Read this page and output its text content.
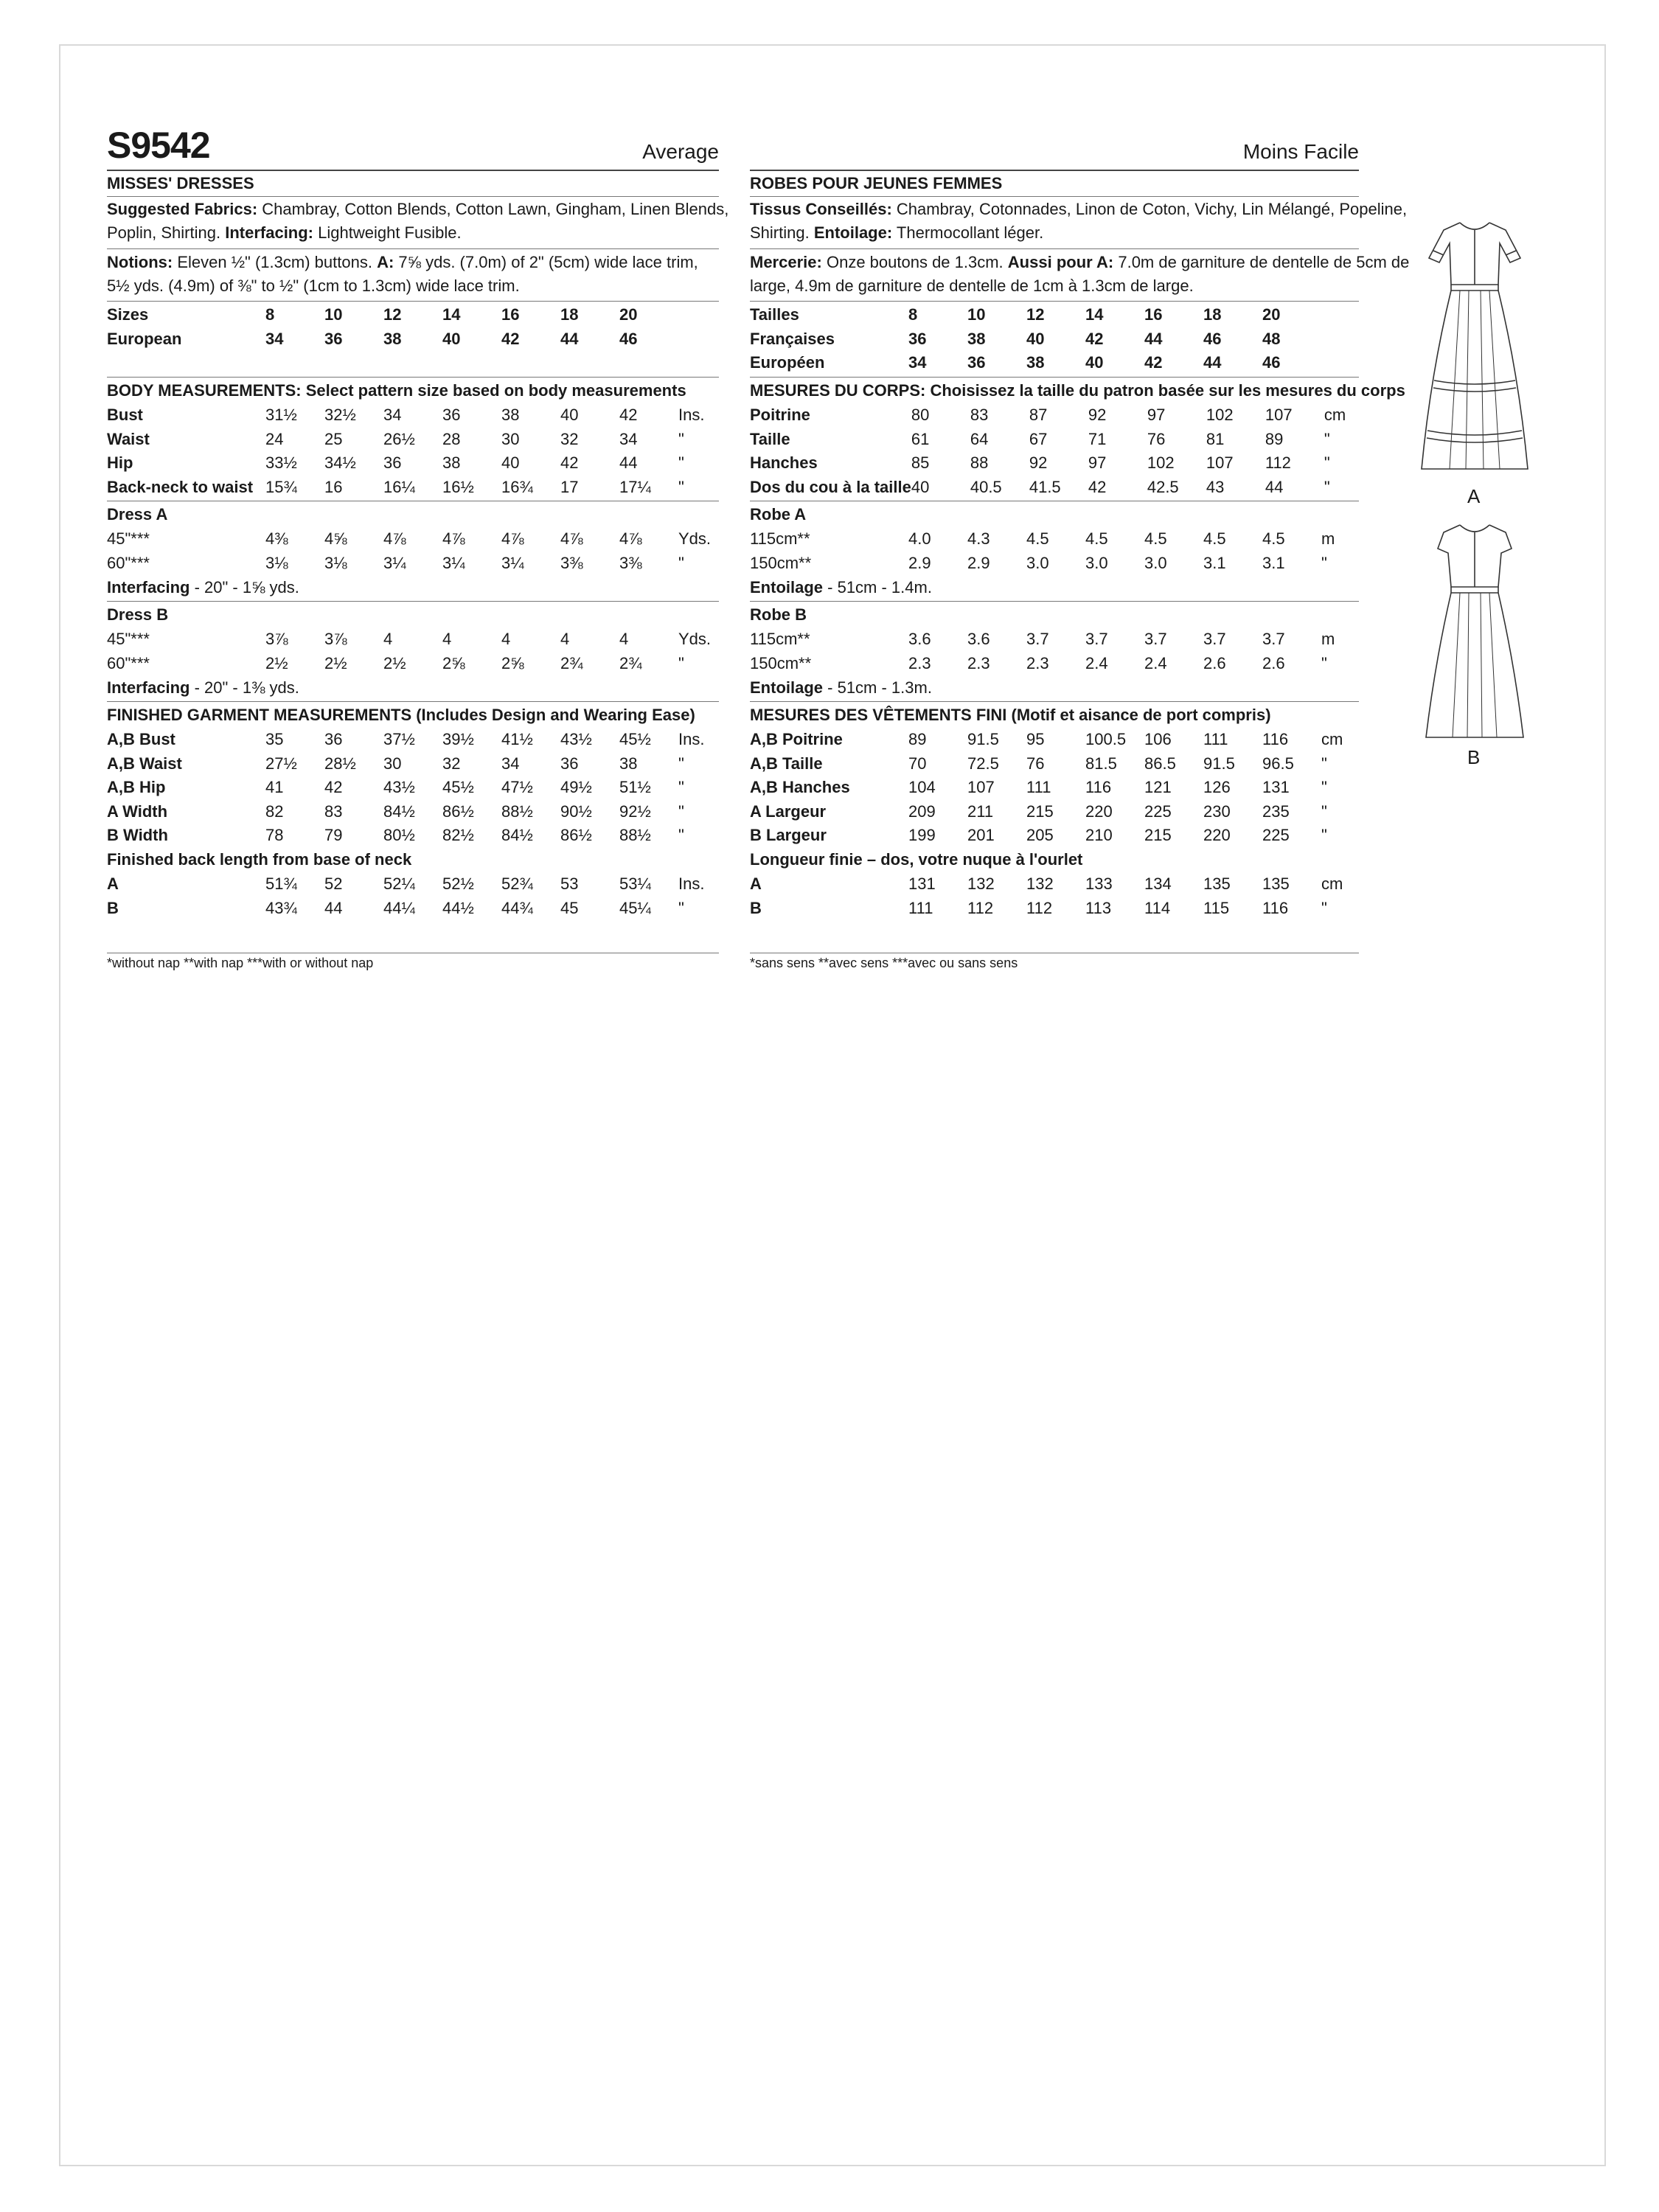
S9542	Average	Moins Facile
MISSES' DRESSES
Suggested Fabrics: Chambray, Cotton Blends, Cotton Lawn, Gingham, Linen Blends,
Poplin, Shirting. Interfacing: Lightweight Fusible.
Notions: Eleven ½" (1.3cm) buttons. A: 7⅝ yds. (7.0m) of 2" (5cm) wide lace trim,
5½ yds. (4.9m) of ⅜" to ½" (1cm to 1.3cm) wide lace trim.
Sizes	8	10	12	14	16	18	20	
European	34	36	38	40	42	44	46	
BODY MEASUREMENTS: Select pattern size based on body measurements
Bust	31½	32½	34	36	38	40	42	Ins.
Waist	24	25	26½	28	30	32	34	"
Hip	33½	34½	36	38	40	42	44	"
Back-neck to waist	15¾	16	16¼	16½	16¾	17	17¼	"
Dress A
45"***	4⅜	4⅝	4⅞	4⅞	4⅞	4⅞	4⅞	Yds.
60"***	3⅛	3⅛	3¼	3¼	3¼	3⅜	3⅜	"
Interfacing - 20" - 1⅝ yds.
Dress B
45"***	3⅞	3⅞	4	4	4	4	4	Yds.
60"***	2½	2½	2½	2⅝	2⅝	2¾	2¾	"
Interfacing - 20" - 1⅜ yds.
FINISHED GARMENT MEASUREMENTS (Includes Design and Wearing Ease)
A,B Bust	35	36	37½	39½	41½	43½	45½	Ins.
A,B Waist	27½	28½	30	32	34	36	38	"
A,B Hip	41	42	43½	45½	47½	49½	51½	"
A Width	82	83	84½	86½	88½	90½	92½	"
B Width	78	79	80½	82½	84½	86½	88½	"
Finished back length from base of neck
A	51¾	52	52¼	52½	52¾	53	53¼	Ins.
B	43¾	44	44¼	44½	44¾	45	45¼	"
*without nap **with nap ***with or without nap
ROBES POUR JEUNES FEMMES
Tissus Conseillés: Chambray, Cotonnades, Linon de Coton, Vichy, Lin Mélangé, Popeline,
Shirting. Entoilage: Thermocollant léger.
Mercerie: Onze boutons de 1.3cm. Aussi pour A: 7.0m de garniture de dentelle de 5cm de
large, 4.9m de garniture de dentelle de 1cm à 1.3cm de large.
Tailles	8	10	12	14	16	18	20	
Françaises	36	38	40	42	44	46	48	
Européen	34	36	38	40	42	44	46	
MESURES DU CORPS: Choisissez la taille du patron basée sur les mesures du corps
Poitrine	80	83	87	92	97	102	107	cm
Taille	61	64	67	71	76	81	89	"
Hanches	85	88	92	97	102	107	112	"
Dos du cou à la taille	40	40.5	41.5	42	42.5	43	44	"
Robe A
115cm**	4.0	4.3	4.5	4.5	4.5	4.5	4.5	m
150cm**	2.9	2.9	3.0	3.0	3.0	3.1	3.1	"
Entoilage - 51cm - 1.4m.
Robe B
115cm**	3.6	3.6	3.7	3.7	3.7	3.7	3.7	m
150cm**	2.3	2.3	2.3	2.4	2.4	2.6	2.6	"
Entoilage - 51cm - 1.3m.
MESURES DES VÊTEMENTS FINI (Motif et aisance de port compris)
A,B Poitrine	89	91.5	95	100.5	106	111	116	cm
A,B Taille	70	72.5	76	81.5	86.5	91.5	96.5	"
A,B Hanches	104	107	111	116	121	126	131	"
A Largeur	209	211	215	220	225	230	235	"
B Largeur	199	201	205	210	215	220	225	"
Longueur finie – dos, votre nuque à l'ourlet
A	131	132	132	133	134	135	135	cm
B	111	112	112	113	114	115	116	"
*sans sens **avec sens ***avec ou sans sens
A
B
